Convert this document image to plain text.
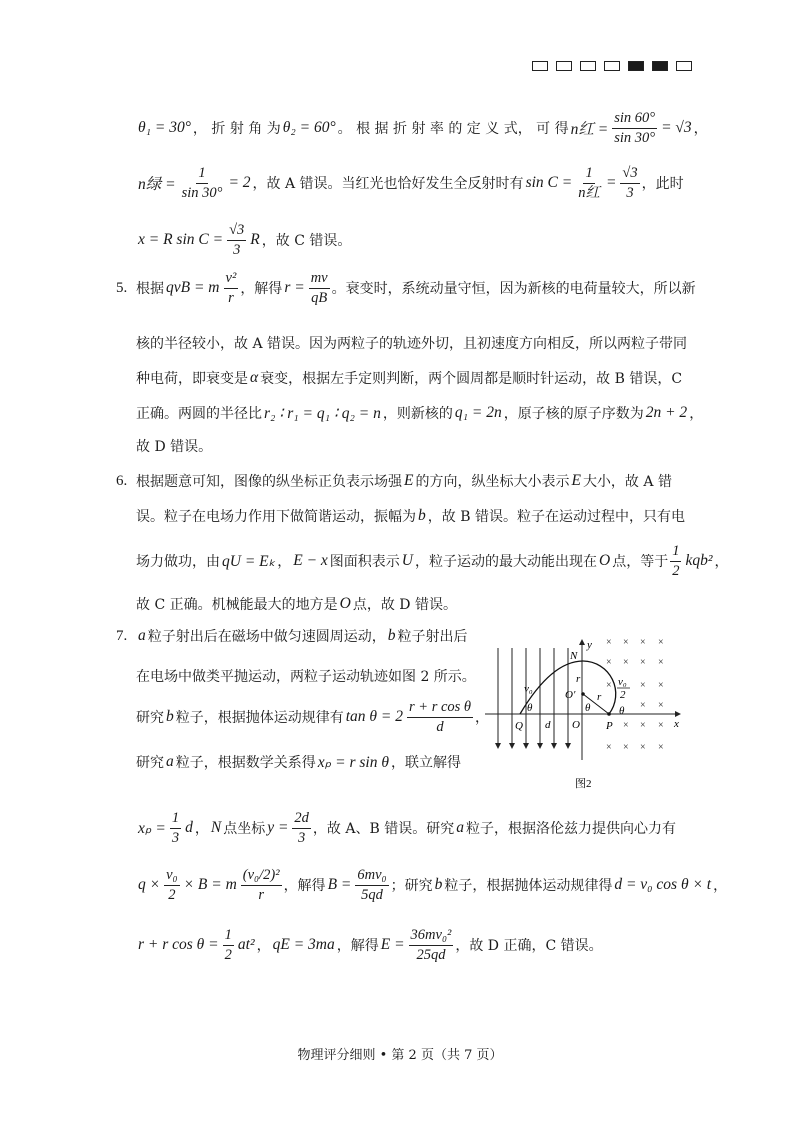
θ₁ = 30° ， 折 射 角 为 θ₂ = 60° 。 根 据 折 射 率 的 定 义 式， 可 得 n红 = $\frac{\sin 60^\circ}{\sin 30^\circ} = √3$ ，
n绿 = $\frac{1}{\sin 30^\circ} = 2$ ，故 A 错误。当红光也恰好发生全反射时有 $\sin C = \frac{1}{\text{n红}} = \frac{√3}{3}$ ，此时
x = R $\sin C = \frac{√3}{3}$ R ，故 C 错误。
5. 根据 qvB = m $\frac{\text{v²}}{r}$ ，解得 $r = \frac{mv}{qB}$ 。衰变时，系统动量守恒，因为新核的电荷量较大，所以新
核的半径较小，故 A 错误。因为两粒子的轨迹外切，且初速度方向相反，所以两粒子带同
种电荷，即衰变是 α 衰变，根据左手定则判断，两个圆周都是顺时针运动，故 B 错误，C
正确。两圆的半径比 r₂ ∶ r₁ = q₁ ∶ q₂ = n ，则新核的 q₁ = 2n ，原子核的原子序数为 2n + 2 ，
故 D 错误。
6. 根据题意可知，图像的纵坐标正负表示场强 E 的方向，纵坐标大小表示 E 大小，故 A 错
误。粒子在电场力作用下做简谐运动，振幅为 b ，故 B 错误。粒子在运动过程中，只有电
场力做功，由 qU = Eₖ ， E − x 图面积表示 U ，粒子运动的最大动能出现在 O 点，等于 $\frac{1}{2} kqb^2$ ，
故 C 正确。机械能最大的地方是 O 点，故 D 错误。
7. a 粒子射出后在磁场中做匀速圆周运动， b 粒子射出后
在电场中做类平抛运动，两粒子运动轨迹如图 2 所示。
研究 b 粒子，根据抛体运动规律有 $\tan \theta = 2 \frac{\text{r + r cos θ}}{d}$ ，
研究 a 粒子，根据数学关系得 xₚ = r sin θ ，联立解得
$x_p = \frac{1}{3}$ d ， N 点坐标 $y = \frac{2d}{3}$ ，故 A、B 错误。研究 a 粒子，根据洛伦兹力提供向心力有
$q \times \frac{\text{v₀}}{2} \times B = m \frac{\text{(v₀/2)²}}{r}$ ，解得 $B = \frac{\text{6mv₀}}{5qd}$ ；研究 b 粒子，根据抛体运动规律得 d = v₀ cos θ × t ，
r + r $\cos \theta = \frac{1}{2} at^2$ ， qE = 3ma ，解得 $E = \frac{\text{36mv₀²}}{25qd}$ ，故 D 正确，C 错误。
× × × ×
× × × ×
×	× ×
× ×
× × ×
× × × ×
y
x
N
O
O′
Q	P
d
r
r
v₀
θ	θ	θ
v₀
2
图2
物理评分细则 • 第 2 页（共 7 页）
